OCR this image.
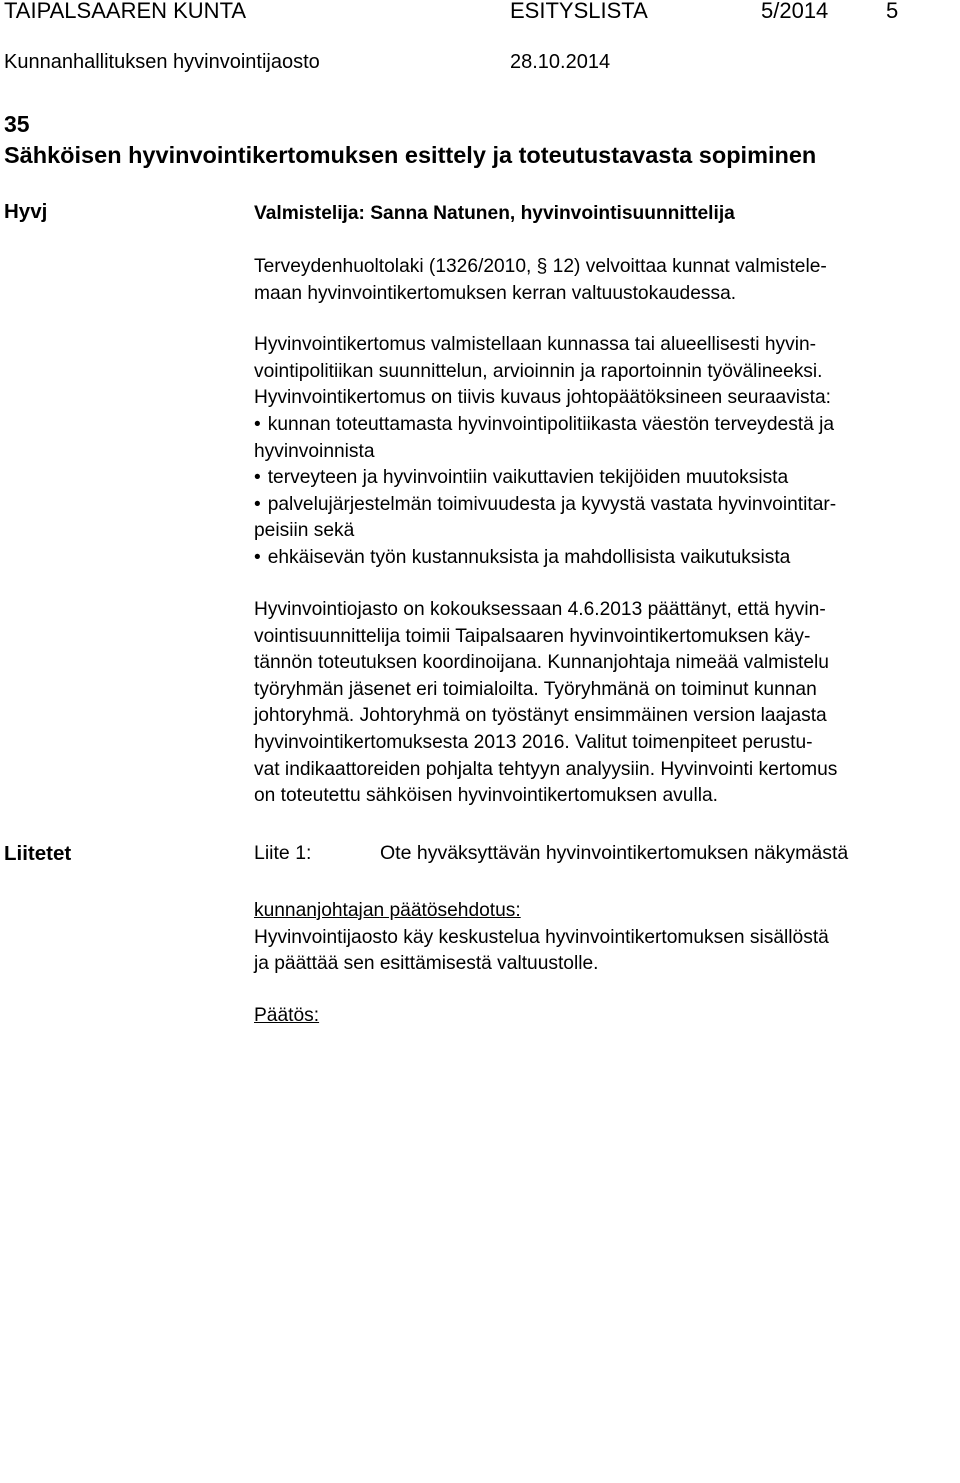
TAIPALSAAREN KUNTA	ESITYSLISTA	5/2014	5
Kunnanhallituksen hyvinvointijaosto	28.10.2014
35
Sähköisen hyvinvointikertomuksen esittely ja toteutustavasta sopiminen
Hyvj	Valmistelija: Sanna Natunen, hyvinvointisuunnittelija
Terveydenhuoltolaki (1326/2010, § 12) velvoittaa kunnat valmistele-
maan hyvinvointikertomuksen kerran valtuustokaudessa.
Hyvinvointikertomus valmistellaan kunnassa tai alueellisesti hyvin-
vointipolitiikan suunnittelun, arvioinnin ja raportoinnin työvälineeksi.
Hyvinvointikertomus on tiivis kuvaus johtopäätöksineen seuraavista:
• kunnan toteuttamasta hyvinvointipolitiikasta väestön terveydestä ja
hyvinvoinnista
• terveyteen ja hyvinvointiin vaikuttavien tekijöiden muutoksista
• palvelujärjestelmän toimivuudesta ja kyvystä vastata hyvinvointitar-
peisiin sekä
• ehkäisevän työn kustannuksista ja mahdollisista vaikutuksista
Hyvinvointiojasto on kokouksessaan 4.6.2013 päättänyt, että hyvin-
vointisuunnittelija toimii Taipalsaaren hyvinvointikertomuksen käy-
tännön toteutuksen koordinoijana. Kunnanjohtaja nimeää valmistelu
työryhmän jäsenet eri toimialoilta. Työryhmänä on toiminut kunnan
johtoryhmä. Johtoryhmä on työstänyt ensimmäinen version laajasta
hyvinvointikertomuksesta 2013 2016. Valitut toimenpiteet perustu-
vat indikaattoreiden pohjalta tehtyyn analyysiin. Hyvinvointi kertomus
on toteutettu sähköisen hyvinvointikertomuksen avulla.
Liitetet	Liite 1:	Ote hyväksyttävän hyvinvointikertomuksen näkymästä
kunnanjohtajan päätösehdotus:
Hyvinvointijaosto käy keskustelua hyvinvointikertomuksen sisällöstä
ja päättää sen esittämisestä valtuustolle.
Päätös:
